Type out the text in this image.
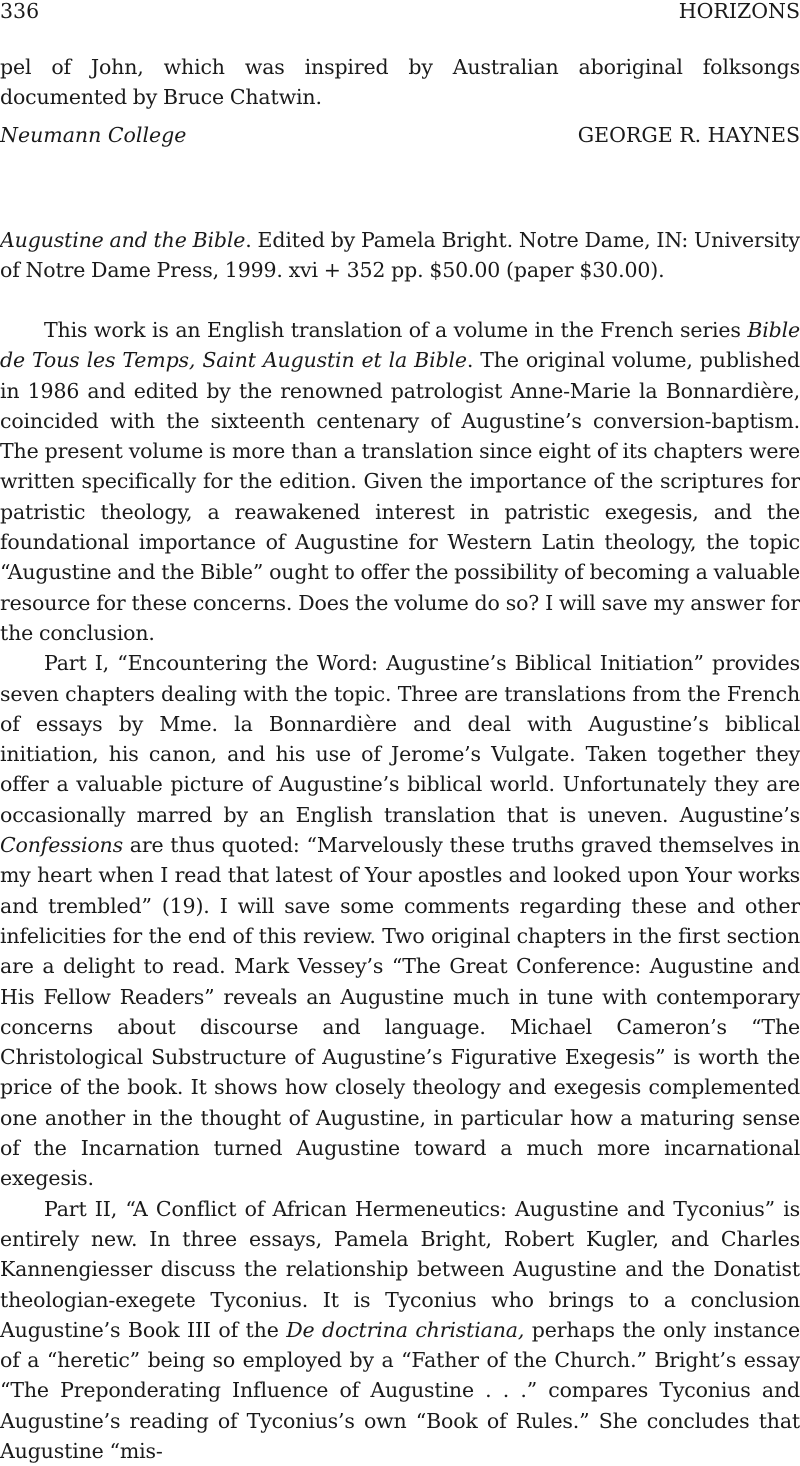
336	HORIZONS

pel of John, which was inspired by Australian aboriginal folksongs documented by Bruce Chatwin.

Neumann College	GEORGE R. HAYNES

Augustine and the Bible. Edited by Pamela Bright. Notre Dame, IN: University of Notre Dame Press, 1999. xvi + 352 pp. $50.00 (paper $30.00).

This work is an English translation of a volume in the French series Bible de Tous les Temps, Saint Augustin et la Bible. The original volume, published in 1986 and edited by the renowned patrologist Anne-Marie la Bonnardière, coincided with the sixteenth centenary of Augustine’s conversion-baptism. The present volume is more than a translation since eight of its chapters were written specifically for the edition. Given the importance of the scriptures for patristic theology, a reawakened interest in patristic exegesis, and the foundational importance of Augustine for Western Latin theology, the topic “Augustine and the Bible” ought to offer the possibility of becoming a valuable resource for these concerns. Does the volume do so? I will save my answer for the conclusion.

Part I, “Encountering the Word: Augustine’s Biblical Initiation” provides seven chapters dealing with the topic. Three are translations from the French of essays by Mme. la Bonnardière and deal with Augustine’s biblical initiation, his canon, and his use of Jerome’s Vulgate. Taken together they offer a valuable picture of Augustine’s biblical world. Unfortunately they are occasionally marred by an English translation that is uneven. Augustine’s Confessions are thus quoted: “Marvelously these truths graved themselves in my heart when I read that latest of Your apostles and looked upon Your works and trembled” (19). I will save some comments regarding these and other infelicities for the end of this review. Two original chapters in the first section are a delight to read. Mark Vessey’s “The Great Conference: Augustine and His Fellow Readers” reveals an Augustine much in tune with contemporary concerns about discourse and language. Michael Cameron’s “The Christological Substructure of Augustine’s Figurative Exegesis” is worth the price of the book. It shows how closely theology and exegesis complemented one another in the thought of Augustine, in particular how a maturing sense of the Incarnation turned Augustine toward a much more incarnational exegesis.

Part II, “A Conflict of African Hermeneutics: Augustine and Tyconius” is entirely new. In three essays, Pamela Bright, Robert Kugler, and Charles Kannengiesser discuss the relationship between Augustine and the Donatist theologian-exegete Tyconius. It is Tyconius who brings to a conclusion Augustine’s Book III of the De doctrina christiana, perhaps the only instance of a “heretic” being so employed by a “Father of the Church.” Bright’s essay “The Preponderating Influence of Augustine . . .” compares Tyconius and Augustine’s reading of Tyconius’s own “Book of Rules.” She concludes that Augustine “mis-
